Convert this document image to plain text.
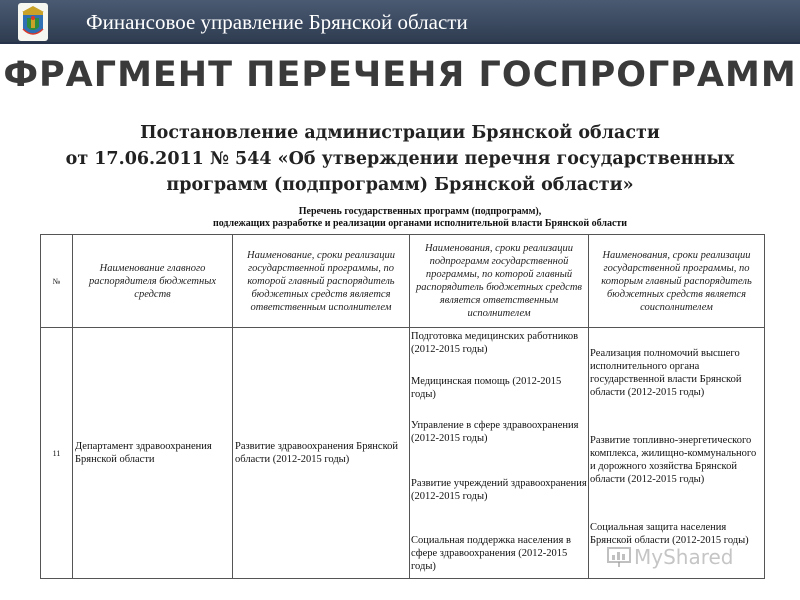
Финансовое управление Брянской области
ФРАГМЕНТ ПЕРЕЧЕНЯ ГОСПРОГРАММ
Постановление администрации Брянской области
от 17.06.2011 № 544 «Об утверждении перечня государственных
программ (подпрограмм) Брянской области»
Перечень государственных программ (подпрограмм),
подлежащих разработке и реализации органами исполнительной власти Брянской области
№
Наименование главного распорядителя бюджетных средств
Наименование, сроки реализации государственной программы, по которой главный распорядитель бюджетных средств является ответственным исполнителем
Наименования, сроки реализации подпрограмм государственной программы, по которой главный распорядитель бюджетных средств является ответственным исполнителем
Наименования, сроки реализации государственной программы, по которым главный распорядитель бюджетных средств является соисполнителем
11
Департамент здравоохранения Брянской области
Развитие здравоохранения Брянской области (2012-2015 годы)
Подготовка медицинских работников (2012-2015 годы)
Медицинская помощь (2012-2015 годы)
Управление в сфере здравоохранения (2012-2015 годы)
Развитие учреждений здравоохранения (2012-2015 годы)
Социальная поддержка населения в сфере здравоохранения (2012-2015 годы)
Реализация полномочий высшего исполнительного органа государственной власти Брянской области (2012-2015 годы)
Развитие топливно-энергетического комплекса, жилищно-коммунального и дорожного хозяйства Брянской области (2012-2015 годы)
Социальная защита населения Брянской области (2012-2015 годы)
MyShared
